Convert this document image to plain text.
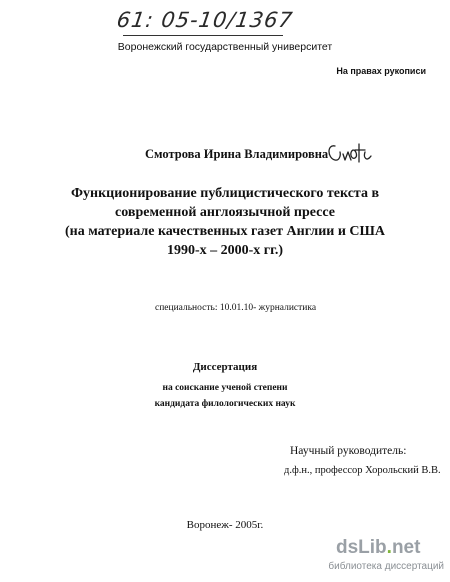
61: 05-10/1367
Воронежский государственный университет
На правах рукописи
Смотрова Ирина Владимировна
Функционирование публицистического текста в
современной англоязычной прессе
(на материале качественных газет Англии и США
1990-х – 2000-х гг.)
специальность: 10.01.10- журналистика
Диссертация
на соискание ученой степени
кандидата филологических наук
Научный руководитель:
д.ф.н., профессор Хорольский В.В.
Воронеж- 2005г.
dsLib.net
библиотека диссертаций
